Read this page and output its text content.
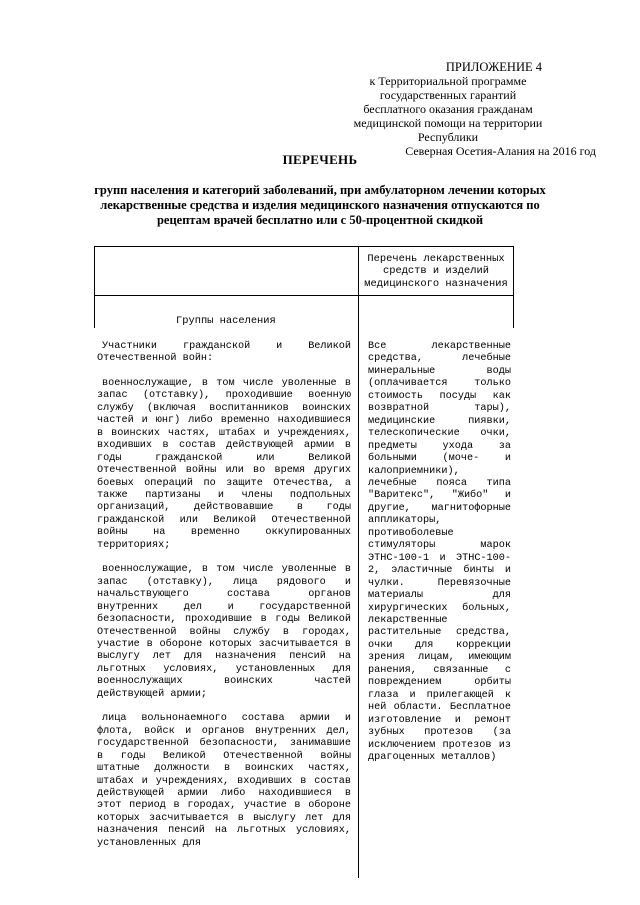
ПРИЛОЖЕНИЕ 4
к Территориальной программе
государственных гарантий
бесплатного оказания гражданам
медицинской помощи на территории
Республики
Северная Осетия-Алания на 2016 год
ПЕРЕЧЕНЬ
групп населения и категорий заболеваний, при амбулаторном лечении которых лекарственные средства и изделия медицинского назначения отпускаются по рецептам врачей бесплатно или с 50-процентной скидкой
Перечень лекарственных средств и изделий медицинского назначения
Группы населения

Участники гражданской и Великой Отечественной войн:

военнослужащие, в том числе уволенные в запас (отставку), проходившие военную службу (включая воспитанников воинских частей и юнг) либо временно находившиеся в воинских частях, штабах и учреждениях, входивших в состав действующей армии в годы гражданской или Великой Отечественной войны или во время других боевых операций по защите Отечества, а также партизаны и члены подпольных организаций, действовавшие в годы гражданской или Великой Отечественной войны на временно оккупированных территориях;

военнослужащие, в том числе уволенные в запас (отставку), лица рядового и начальствующего состава органов внутренних дел и государственной безопасности, проходившие в годы Великой Отечественной войны службу в городах, участие в обороне которых засчитывается в выслугу лет для назначения пенсий на льготных условиях, установленных для военнослужащих воинских частей действующей армии;

лица вольнонаемного состава армии и флота, войск и органов внутренних дел, государственной безопасности, занимавшие в годы Великой Отечественной войны штатные должности в воинских частях, штабах и учреждениях, входивших в состав действующей армии либо находившиеся в этот период в городах, участие в обороне которых засчитывается в выслугу лет для назначения пенсий на льготных условиях, установленных для

Все лекарственные средства, лечебные минеральные воды (оплачивается только стоимость посуды как возвратной тары), медицинские пиявки, телескопические очки, предметы ухода за больными (моче- и калоприемники), лечебные пояса типа "Варитекс", "Жибо" и другие, магнитофорные аппликаторы, противоболевые стимуляторы марок ЭТНС-100-1 и ЭТНС-100-2, эластичные бинты и чулки. Перевязочные материалы для хирургических больных, лекарственные растительные средства, очки для коррекции зрения лицам, имеющим ранения, связанные с повреждением орбиты глаза и прилегающей к ней области. Бесплатное изготовление и ремонт зубных протезов (за исключением протезов из драгоценных металлов)
